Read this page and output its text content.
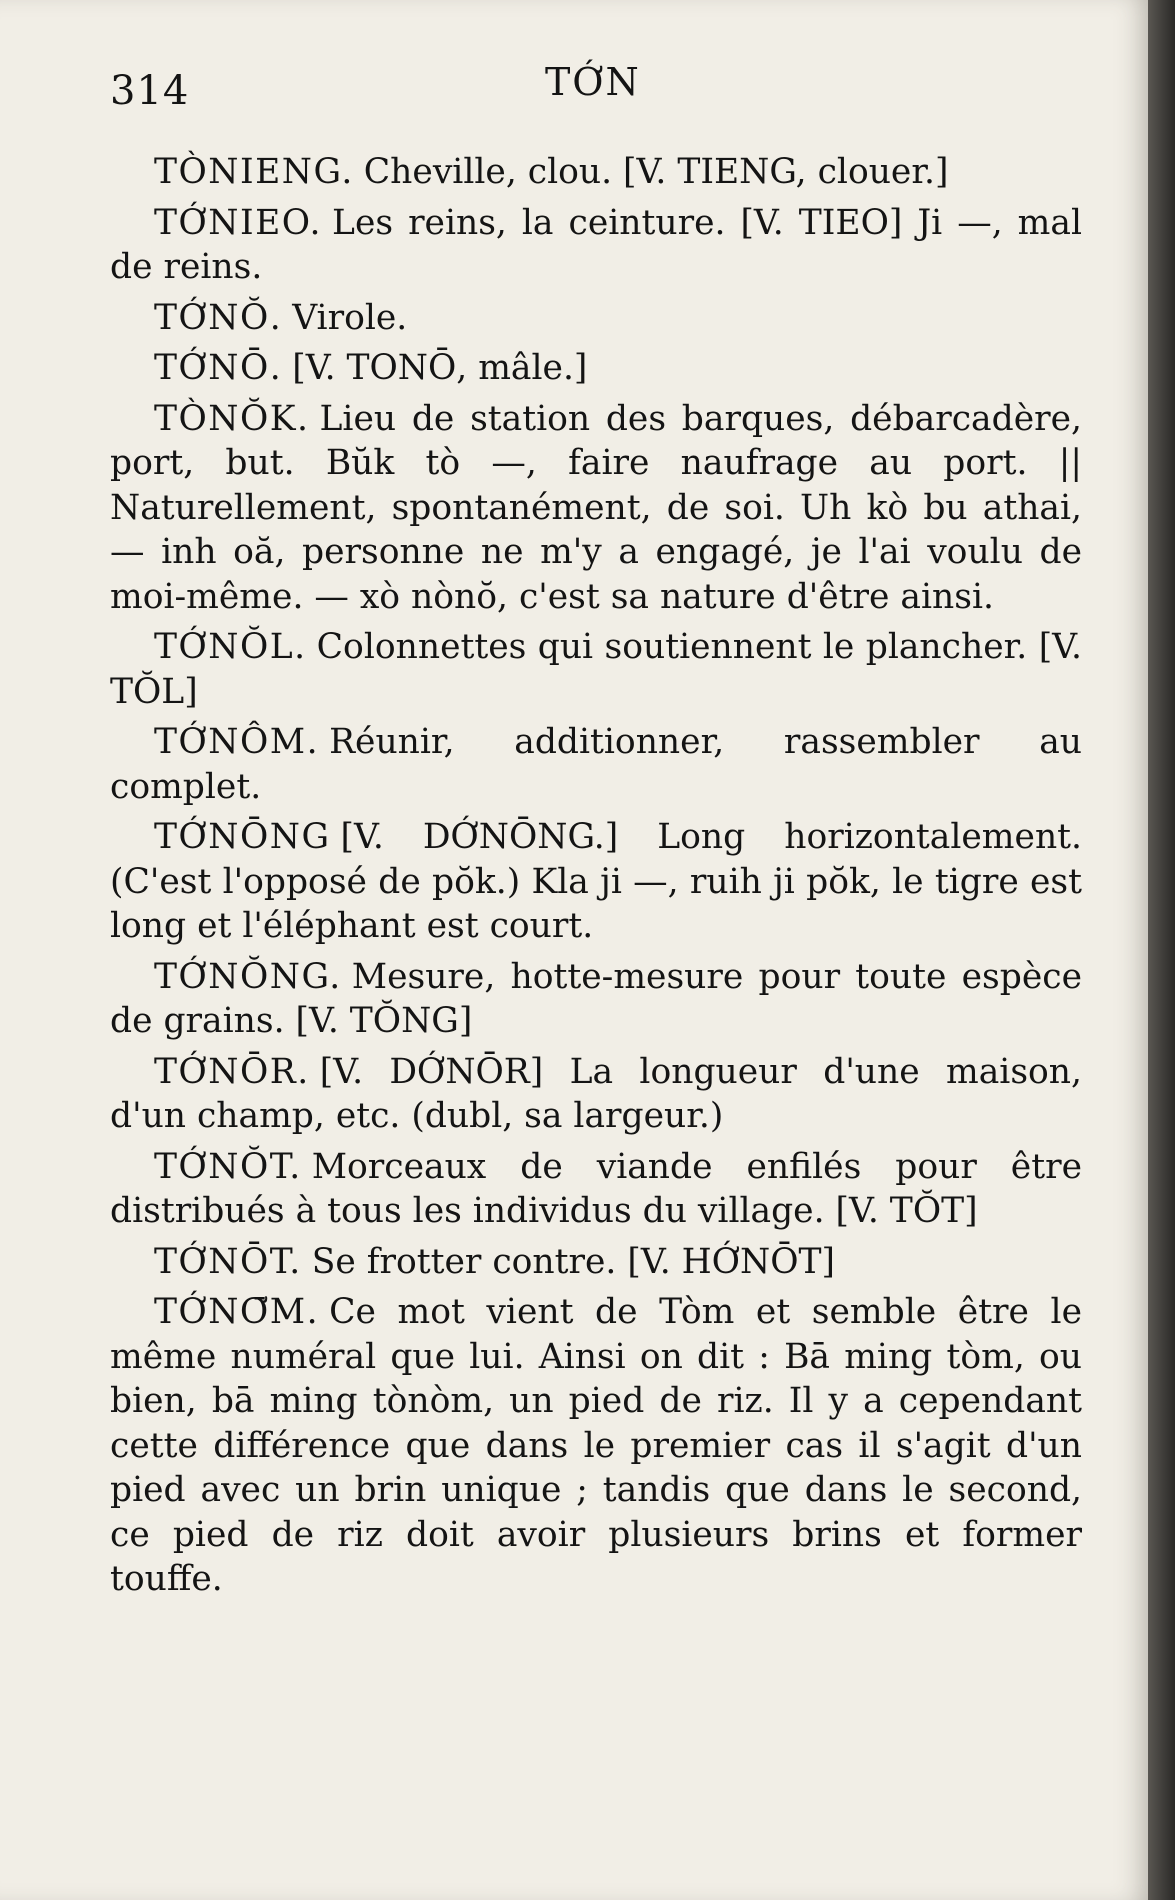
314	TỚN

TÒNIENG. Cheville, clou. [V. TIENG, clouer.]

TỚNIEO. Les reins, la ceinture. [V. TIEO] Ji —, mal de reins.

TỚNŎ. Virole.

TỚNŌ. [V. TONŌ, mâle.]

TÒNŎK. Lieu de station des barques, débarcadère, port, but. Bŭk tò —, faire naufrage au port. || Naturellement, spontanément, de soi. Uh kò bu athai, — inh oă, personne ne m'y a engagé, je l'ai voulu de moi-même. — xò nònŏ, c'est sa nature d'être ainsi.

TỚNŎL. Colonnettes qui soutiennent le plancher. [V. TŎL]

TỚNÔM. Réunir, additionner, rassembler au complet.

TỚNŌNG [V. DỚNŌNG.] Long horizontalement. (C'est l'opposé de pŏk.) Kla ji —, ruih ji pŏk, le tigre est long et l'éléphant est court.

TỚNŎNG. Mesure, hotte-mesure pour toute espèce de grains. [V. TŎNG]

TỚNŌR. [V. DỚNŌR] La longueur d'une maison, d'un champ, etc. (dubl, sa largeur.)

TỚNŎT. Morceaux de viande enfilés pour être distribués à tous les individus du village. [V. TŎT]

TỚNŌT. Se frotter contre. [V. HỚNŌT]

TỚNƠ̄M. Ce mot vient de Tòm et semble être le même numéral que lui. Ainsi on dit : Bā ming tòm, ou bien, bā ming tònòm, un pied de riz. Il y a cependant cette différence que dans le premier cas il s'agit d'un pied avec un brin unique ; tandis que dans le second, ce pied de riz doit avoir plusieurs brins et former touffe.
